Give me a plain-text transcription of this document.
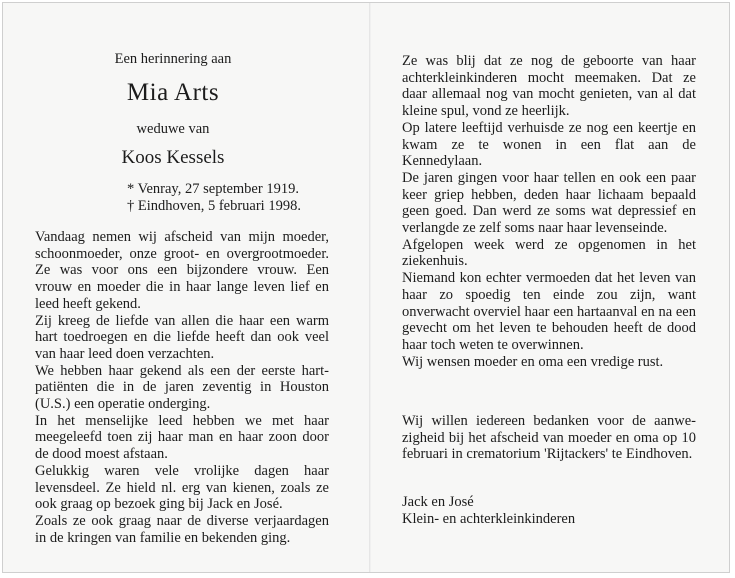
Een herinnering aan
Mia Arts
weduwe van
Koos Kessels
* Venray, 27 september 1919.
† Eindhoven, 5 februari 1998.
Vandaag nemen wij afscheid van mijn moeder, schoonmoeder, onze groot- en overgrootmoeder. Ze was voor ons een bijzondere vrouw. Een vrouw en moeder die in haar lange leven lief en leed heeft gekend.
Zij kreeg de liefde van allen die haar een warm hart toedroegen en die liefde heeft dan ook veel van haar leed doen verzachten.
We hebben haar gekend als een der eerste hart-patiënten die in de jaren zeventig in Houston (U.S.) een operatie onderging.
In het menselijke leed hebben we met haar meegeleefd toen zij haar man en haar zoon door de dood moest afstaan.
Gelukkig waren vele vrolijke dagen haar levensdeel. Ze hield nl. erg van kienen, zoals ze ook graag op bezoek ging bij Jack en José.
Zoals ze ook graag naar de diverse verjaardagen in de kringen van familie en bekenden ging.
Ze was blij dat ze nog de geboorte van haar achterkleinkinderen mocht meemaken. Dat ze daar allemaal nog van mocht genieten, van al dat kleine spul, vond ze heerlijk.
Op latere leeftijd verhuisde ze nog een keertje en kwam ze te wonen in een flat aan de Kennedylaan.
De jaren gingen voor haar tellen en ook een paar keer griep hebben, deden haar lichaam bepaald geen goed. Dan werd ze soms wat depressief en verlangde ze zelf soms naar haar levenseinde.
Afgelopen week werd ze opgenomen in het ziekenhuis.
Niemand kon echter vermoeden dat het leven van haar zo spoedig ten einde zou zijn, want onverwacht overviel haar een hartaanval en na een gevecht om het leven te behouden heeft de dood haar toch weten te overwinnen.
Wij wensen moeder en oma een vredige rust.

Wij willen iedereen bedanken voor de aanwe-zigheid bij het afscheid van moeder en oma op 10 februari in crematorium 'Rijtackers' te Eindhoven.

Jack en José
Klein- en achterkleinkinderen
